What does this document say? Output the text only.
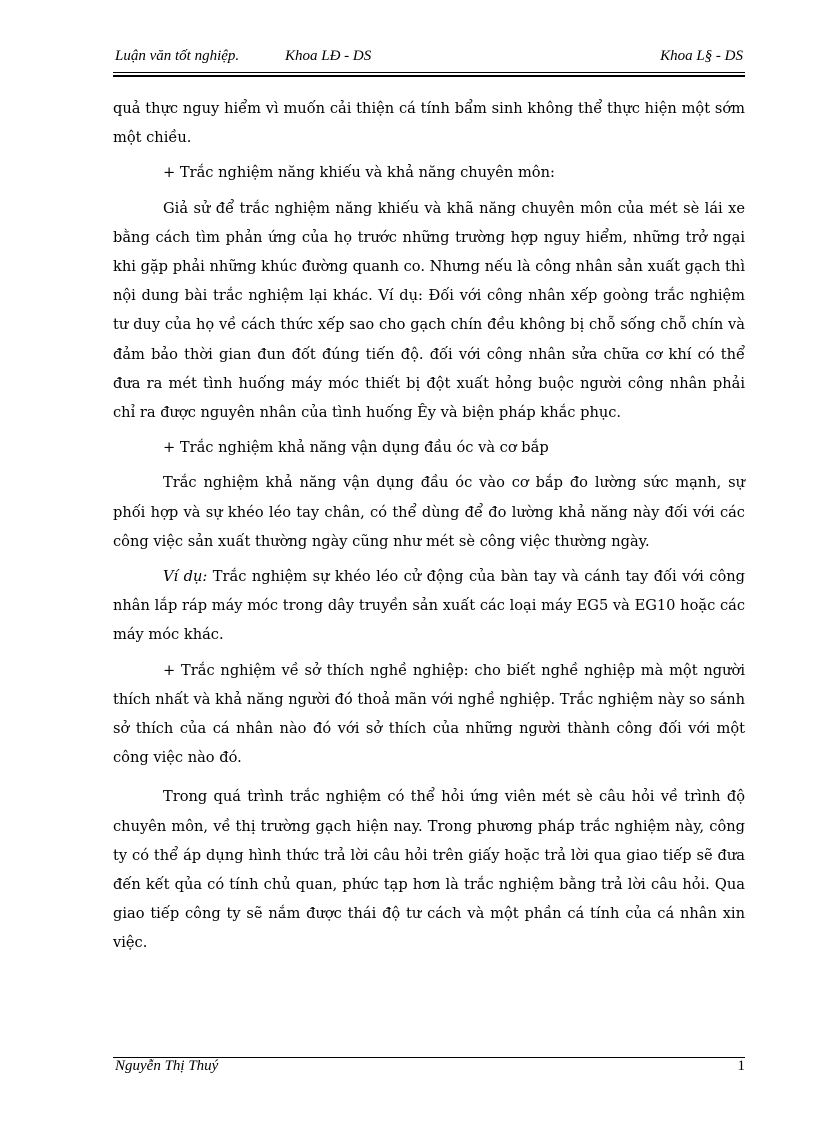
Luận văn tốt nghiệp.	Khoa LĐ - DS	Khoa L§ - DS

quả thực nguy hiểm vì muốn cải thiện cá tính bẩm sinh không thể thực hiện một sớm một chiều.

+ Trắc nghiệm năng khiếu và khả năng chuyên môn:

Giả sử để trắc nghiệm năng khiếu và khã năng chuyên môn của mét sè lái xe bằng cách tìm phản ứng của họ trước những trường hợp nguy hiểm, những trở ngại khi gặp phải những khúc đường quanh co. Nhưng nếu là công nhân sản xuất gạch thì nội dung bài trắc nghiệm lại khác. Ví dụ: Đối với công nhân xếp goòng trắc nghiệm tư duy của họ về cách thức xếp sao cho gạch chín đều không bị chỗ sống chỗ chín và đảm bảo thời gian đun đốt đúng tiến độ. đối với công nhân sửa chữa cơ khí có thể đưa ra mét tình huống máy móc thiết bị đột xuất hỏng buộc người công nhân phải chỉ ra được nguyên nhân của tình huống Êy và biện pháp khắc phục.

+ Trắc nghiệm khả năng vận dụng đầu óc và cơ bắp

Trắc nghiệm khả năng vận dụng đầu óc vào cơ bắp đo lường sức mạnh, sự phối hợp và sự khéo léo tay chân, có thể dùng để đo lường khả năng này đối với các công việc sản xuất thường ngày cũng như mét sè công việc thường ngày.

Ví dụ: Trắc nghiệm sự khéo léo cử động của bàn tay và cánh tay đối với công nhân lắp ráp máy móc trong dây truyền sản xuất các loại máy EG5 và EG10 hoặc các máy móc khác.

+ Trắc nghiệm về sở thích nghề nghiệp: cho biết nghề nghiệp mà một người thích nhất và khả năng người đó thoả mãn với nghề nghiệp. Trắc nghiệm này so sánh sở thích của cá nhân nào đó với sở thích của những người thành công đối với một công việc nào đó.

Trong quá trình trắc nghiệm có thể hỏi ứng viên mét sè câu hỏi về trình độ chuyên môn, về thị trường gạch hiện nay. Trong phương pháp trắc nghiệm này, công ty có thể áp dụng hình thức trả lời câu hỏi trên giấy hoặc trả lời qua giao tiếp sẽ đưa đến kết qủa có tính chủ quan, phức tạp hơn là trắc nghiệm bằng trả lời câu hỏi. Qua giao tiếp công ty sẽ nắm được thái độ tư cách và một phần cá tính của cá nhân xin việc.

Nguyễn Thị Thuý	1
